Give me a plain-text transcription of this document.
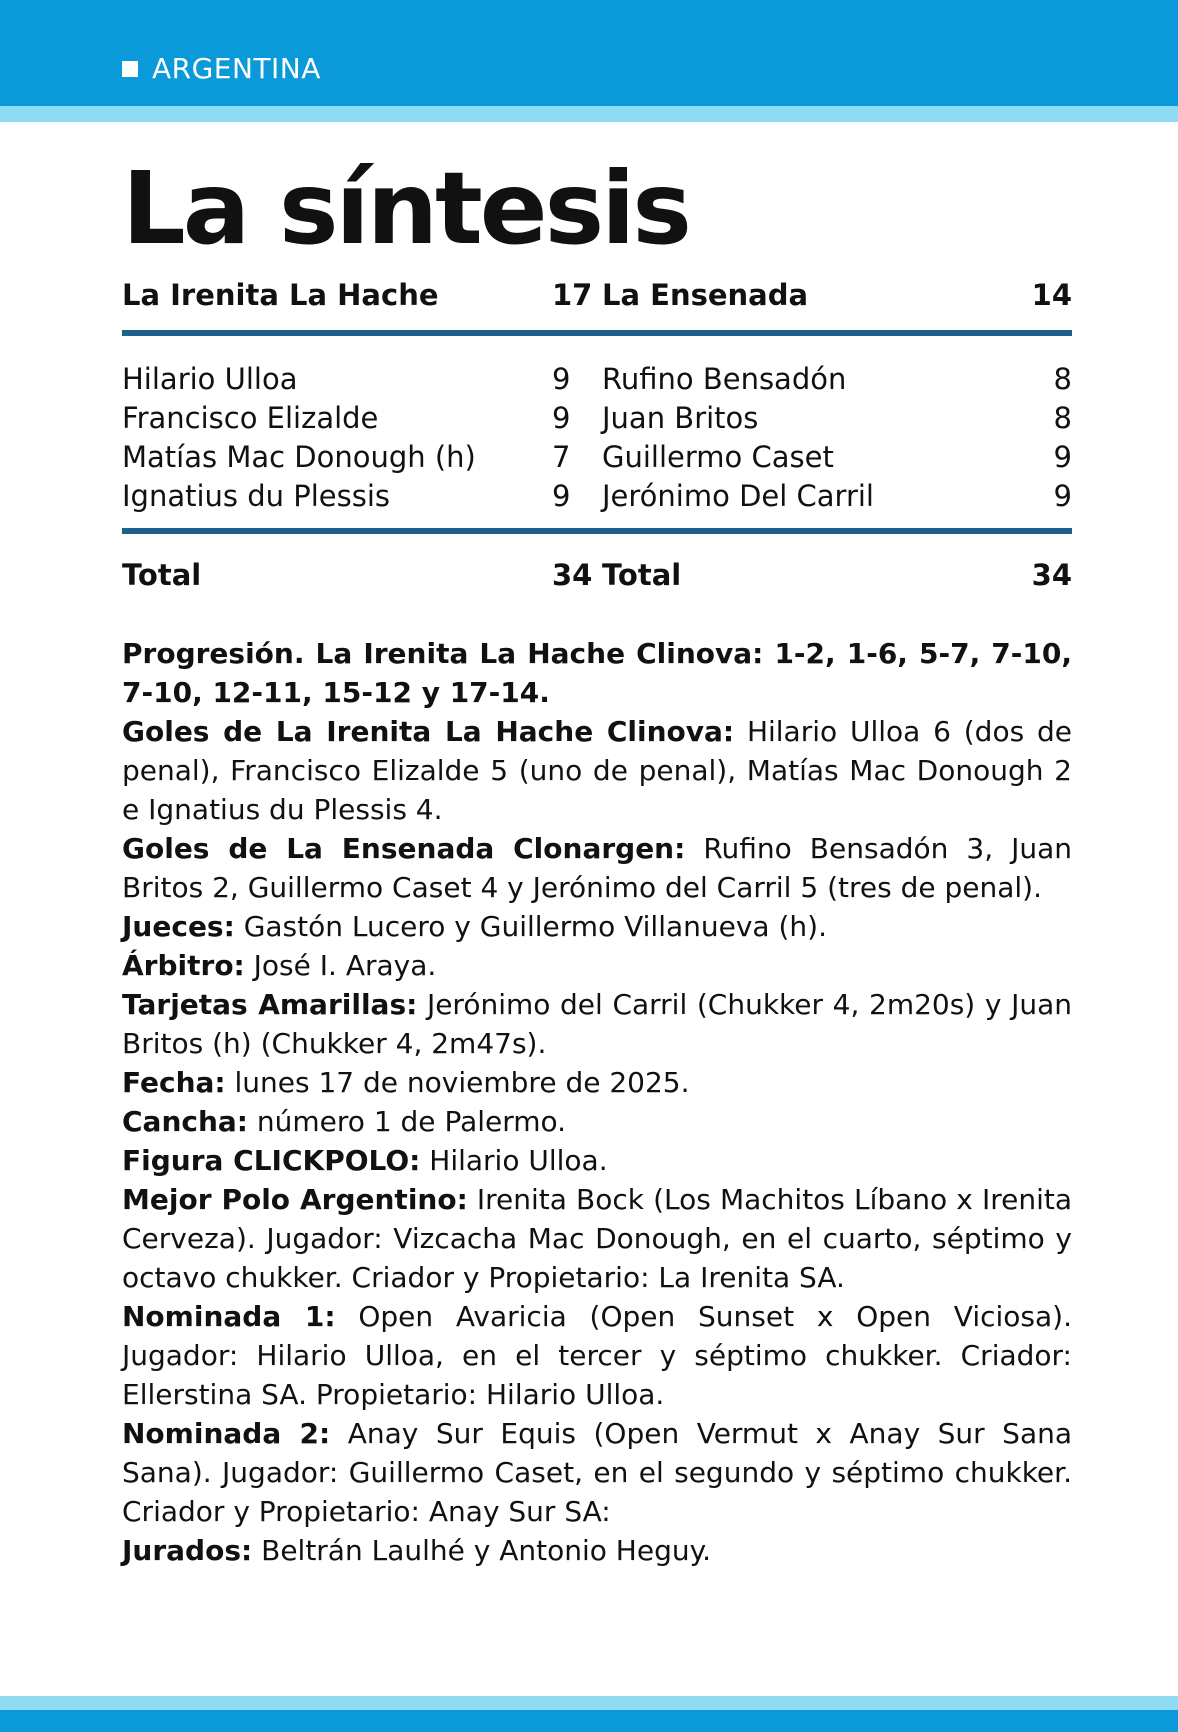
ARGENTINA
La síntesis
La Irenita La Hache	17 La Ensenada	14
Hilario Ulloa	9	Rufino Bensadón	8
Francisco Elizalde	9	Juan Britos	8
Matías Mac Donough (h)	7	Guillermo Caset	9
Ignatius du Plessis	9	Jerónimo Del Carril	9
Total	34 Total	34

Progresión. La Irenita La Hache Clinova: 1-2, 1-6, 5-7, 7-10, 7-10, 12-11, 15-12 y 17-14.

Goles de La Irenita La Hache Clinova: Hilario Ulloa 6 (dos de penal), Francisco Elizalde 5 (uno de penal), Matías Mac Donough 2 e Ignatius du Plessis 4.

Goles de La Ensenada Clonargen: Rufino Bensadón 3, Juan Britos 2, Guillermo Caset 4 y Jerónimo del Carril 5 (tres de penal).

Jueces: Gastón Lucero y Guillermo Villanueva (h).

Árbitro: José I. Araya.

Tarjetas Amarillas: Jerónimo del Carril (Chukker 4, 2m20s) y Juan Britos (h) (Chukker 4, 2m47s).

Fecha: lunes 17 de noviembre de 2025.

Cancha: número 1 de Palermo.

Figura CLICKPOLO: Hilario Ulloa.

Mejor Polo Argentino: Irenita Bock (Los Machitos Líbano x Irenita Cerveza). Jugador: Vizcacha Mac Donough, en el cuarto, séptimo y octavo chukker. Criador y Propietario: La Irenita SA.

Nominada 1: Open Avaricia (Open Sunset x Open Viciosa). Jugador: Hilario Ulloa, en el tercer y séptimo chukker. Criador: Ellerstina SA. Propietario: Hilario Ulloa.

Nominada 2: Anay Sur Equis (Open Vermut x Anay Sur Sana Sana). Jugador: Guillermo Caset, en el segundo y séptimo chukker. Criador y Propietario: Anay Sur SA:

Jurados: Beltrán Laulhé y Antonio Heguy.
